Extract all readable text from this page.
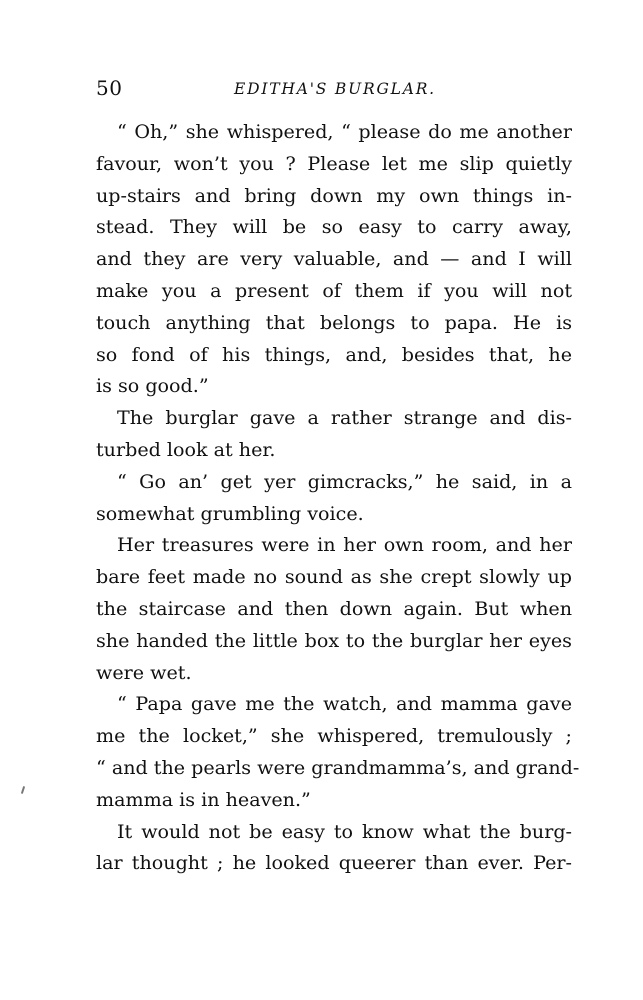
50	EDITHA'S BURGLAR.
“ Oh,” she whispered, “ please do me another
favour, won’t you ? Please let me slip quietly
up-stairs and bring down my own things in-
stead. They will be so easy to carry away,
and they are very valuable, and — and I will
make you a present of them if you will not
touch anything that belongs to papa. He is
so fond of his things, and, besides that, he
is so good.”
The burglar gave a rather strange and dis-
turbed look at her.
“ Go an’ get yer gimcracks,” he said, in a
somewhat grumbling voice.
Her treasures were in her own room, and her
bare feet made no sound as she crept slowly up
the staircase and then down again. But when
she handed the little box to the burglar her eyes
were wet.
“ Papa gave me the watch, and mamma gave
me the locket,” she whispered, tremulously ;
“ and the pearls were grandmamma’s, and grand-
mamma is in heaven.”
It would not be easy to know what the burg-
lar thought ; he looked queerer than ever. Per-
